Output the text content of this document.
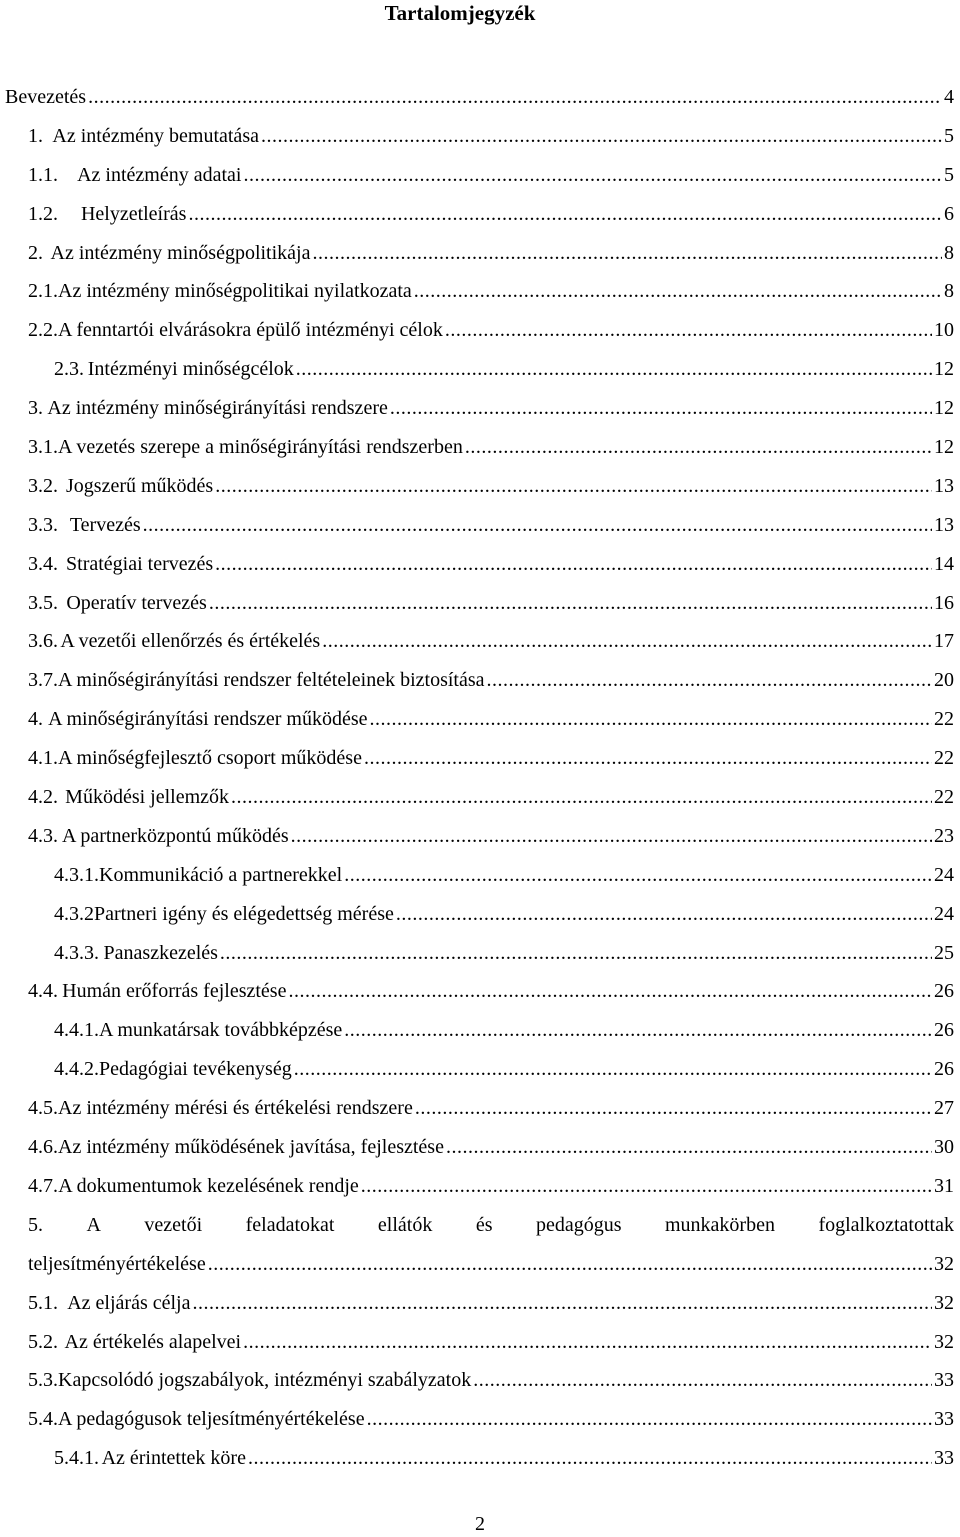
Tartalomjegyzék
Bevezetés .....	4
1. Az intézmény bemutatása .....	5
1.1. Az intézmény adatai .....	5
1.2.	Helyzetleírás .....	6
2. Az intézmény minőségpolitikája .....	8
2.1. Az intézmény minőségpolitikai nyilatkozata .....	8
2.2. A fenntartói elvárásokra épülő intézményi célok .....	10
2.3. Intézményi minőségcélok .....	12
3. Az intézmény minőségirányítási rendszere .....	12
3.1. A vezetés szerepe a minőségirányítási rendszerben .....	12
3.2. Jogszerű működés .....	13
3.3. Tervezés .....	13
3.4. Stratégiai tervezés .....	14
3.5. Operatív tervezés .....	16
3.6. A vezetői ellenőrzés és értékelés .....	17
3.7. A minőségirányítási rendszer feltételeinek biztosítása .....	20
4. A minőségirányítási rendszer működése .....	22
4.1. A minőségfejlesztő csoport működése .....	22
4.2. Működési jellemzők .....	22
4.3. A partnerközpontú működés .....	23
4.3.1. Kommunikáció a partnerekkel .....	24
4.3.2 Partneri igény és elégedettség mérése .....	24
4.3.3. Panaszkezelés .....	25
4.4. Humán erőforrás fejlesztése .....	26
4.4.1. A munkatársak továbbképzése .....	26
4.4.2. Pedagógiai tevékenység .....	26
4.5. Az intézmény mérési és értékelési rendszere .....	27
4.6. Az intézmény működésének javítása, fejlesztése .....	30
4.7. A dokumentumok kezelésének rendje .....	31
5. A vezetői feladatokat ellátók és pedagógus munkakörben foglalkoztatottak
teljesítményértékelése .....	32
5.1. Az eljárás célja .....	32
5.2. Az értékelés alapelvei .....	32
5.3. Kapcsolódó jogszabályok, intézményi szabályzatok .....	33
5.4. A pedagógusok teljesítményértékelése .....	33
5.4.1. Az érintettek köre .....	33
2
